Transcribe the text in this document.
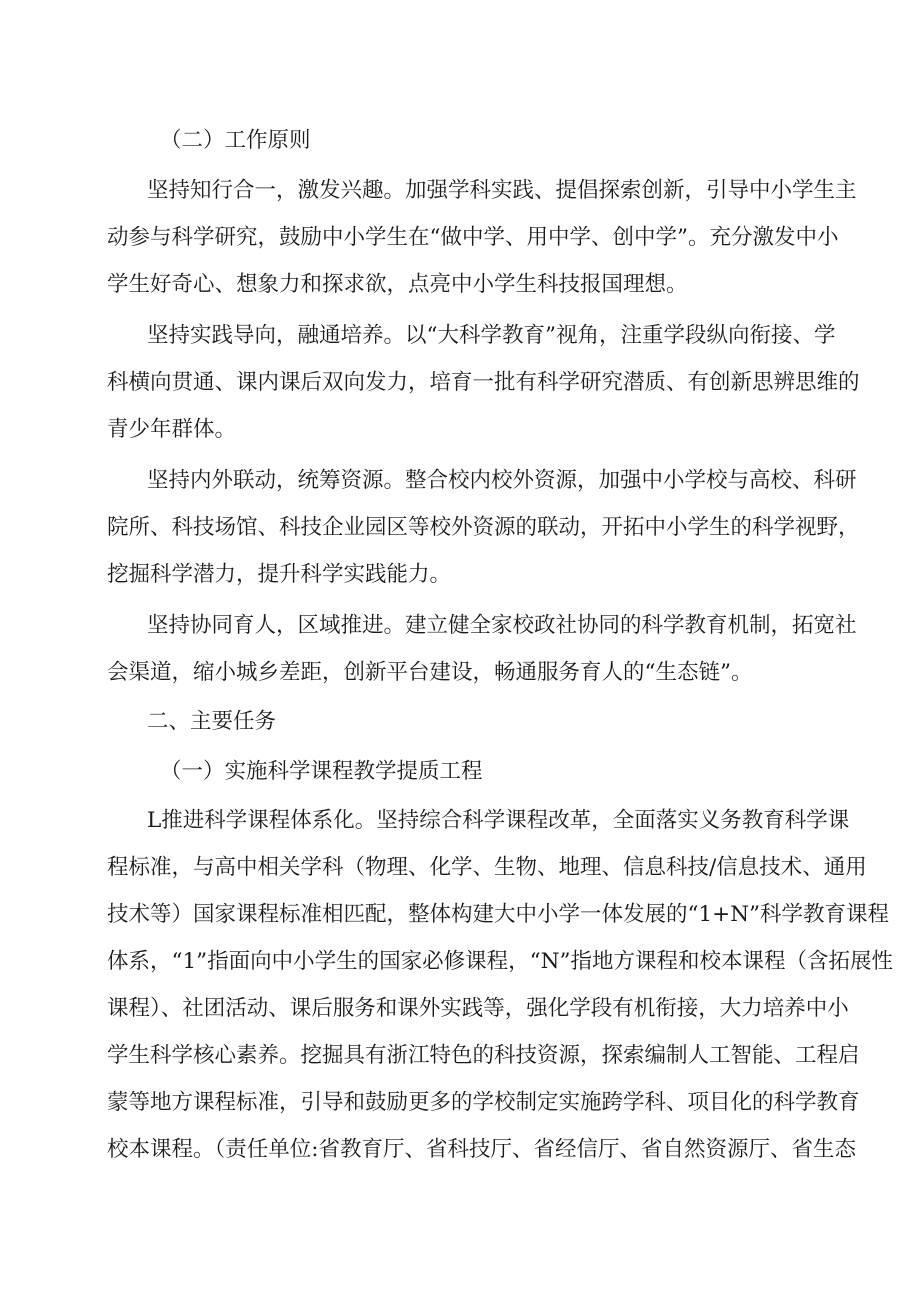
（二）工作原则
坚持知行合一，激发兴趣。加强学科实践、提倡探索创新，引导中小学生主
动参与科学研究，鼓励中小学生在“做中学、用中学、创中学”。充分激发中小
学生好奇心、想象力和探求欲，点亮中小学生科技报国理想。
坚持实践导向，融通培养。以“大科学教育”视角，注重学段纵向衔接、学
科横向贯通、课内课后双向发力，培育一批有科学研究潜质、有创新思辨思维的
青少年群体。
坚持内外联动，统筹资源。整合校内校外资源，加强中小学校与高校、科研
院所、科技场馆、科技企业园区等校外资源的联动，开拓中小学生的科学视野，
挖掘科学潜力，提升科学实践能力。
坚持协同育人，区域推进。建立健全家校政社协同的科学教育机制，拓宽社
会渠道，缩小城乡差距，创新平台建设，畅通服务育人的“生态链”。
二、主要任务
（一）实施科学课程教学提质工程
L推进科学课程体系化。坚持综合科学课程改革，全面落实义务教育科学课
程标准，与高中相关学科（物理、化学、生物、地理、信息科技/信息技术、通用
技术等）国家课程标准相匹配，整体构建大中小学一体发展的“1+N”科学教育课程
体系，“1”指面向中小学生的国家必修课程，“N”指地方课程和校本课程（含拓展性
课程）、社团活动、课后服务和课外实践等，强化学段有机衔接，大力培养中小
学生科学核心素养。挖掘具有浙江特色的科技资源，探索编制人工智能、工程启
蒙等地方课程标准，引导和鼓励更多的学校制定实施跨学科、项目化的科学教育
校本课程。（责任单位:省教育厅、省科技厅、省经信厅、省自然资源厅、省生态
